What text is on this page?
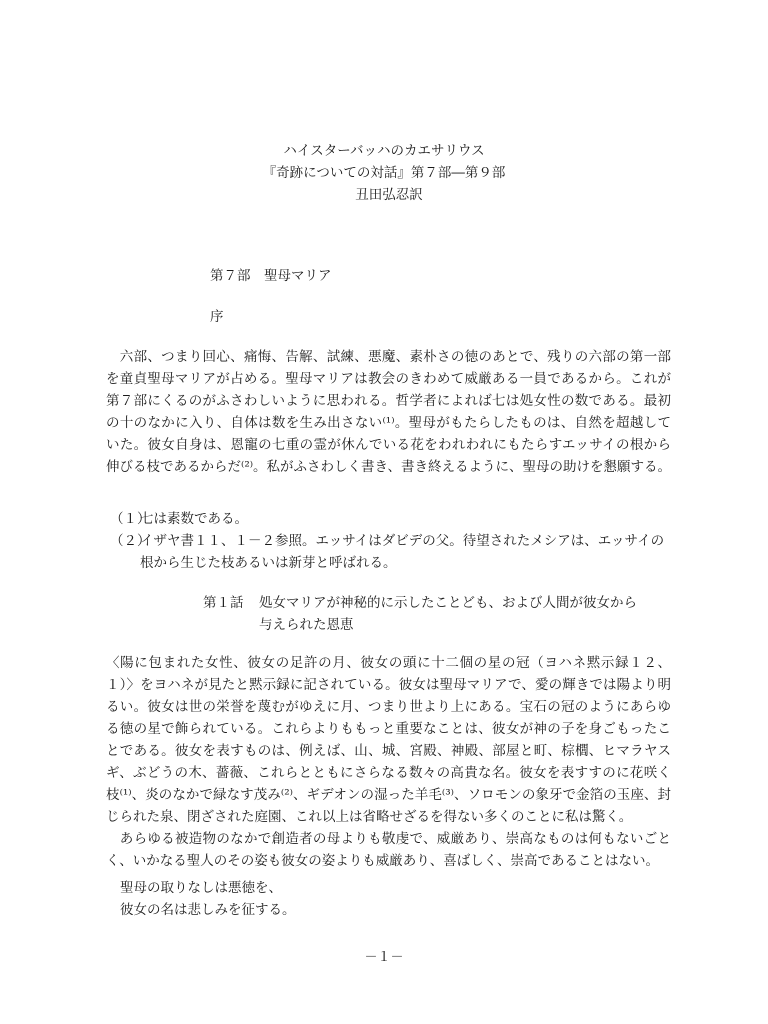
ハイスターバッハのカエサリウス
『奇跡についての対話』第７部―第９部
丑田弘忍訳
第７部　聖母マリア
序

　六部、つまり回心、痛悔、告解、試練、悪魔、素朴さの徳のあとで、残りの六部の第一部を童貞聖母マリアが占める。聖母マリアは教会のきわめて威厳ある一員であるから。これが第７部にくるのがふさわしいように思われる。哲学者によれば七は処女性の数である。最初の十のなかに入り、自体は数を生み出さない⁽¹⁾。聖母がもたらしたものは、自然を超越していた。彼女自身は、恩寵の七重の霊が休んでいる花をわれわれにもたらすエッサイの根から伸びる枝であるからだ⁽²⁾。私がふさわしく書き、書き終えるように、聖母の助けを懇願する。

（１）
七は素数である。
（２）
イザヤ書１１、１－２参照。エッサイはダビデの父。待望されたメシアは、エッサイの根から生じた枝あるいは新芽と呼ばれる。
第１話	処女マリアが神秘的に示したことども、および人間が彼女から
与えられた恩恵

〈陽に包まれた女性、彼女の足許の月、彼女の頭に十二個の星の冠（ヨハネ黙示録１２、１）〉をヨハネが見たと黙示録に記されている。彼女は聖母マリアで、愛の輝きでは陽より明るい。彼女は世の栄誉を蔑むがゆえに月、つまり世より上にある。宝石の冠のようにあらゆる徳の星で飾られている。これらよりももっと重要なことは、彼女が神の子を身ごもったことである。彼女を表すものは、例えば、山、城、宮殿、神殿、部屋と町、棕櫚、ヒマラヤスギ、ぶどうの木、薔薇、これらとともにさらなる数々の高貴な名。彼女を表すすのに花咲く枝⁽¹⁾、炎のなかで緑なす茂み⁽²⁾、ギデオンの湿った羊毛⁽³⁾、ソロモンの象牙で金箔の玉座、封じられた泉、閉ざされた庭園、これ以上は省略せざるを得ない多くのことに私は驚く。

　あらゆる被造物のなかで創造者の母よりも敬虔で、威厳あり、崇高なものは何もないごとく、いかなる聖人のその姿も彼女の姿よりも威厳あり、喜ばしく、崇高であることはない。

聖母の取りなしは悪徳を、
彼女の名は悲しみを征する。
－１－
